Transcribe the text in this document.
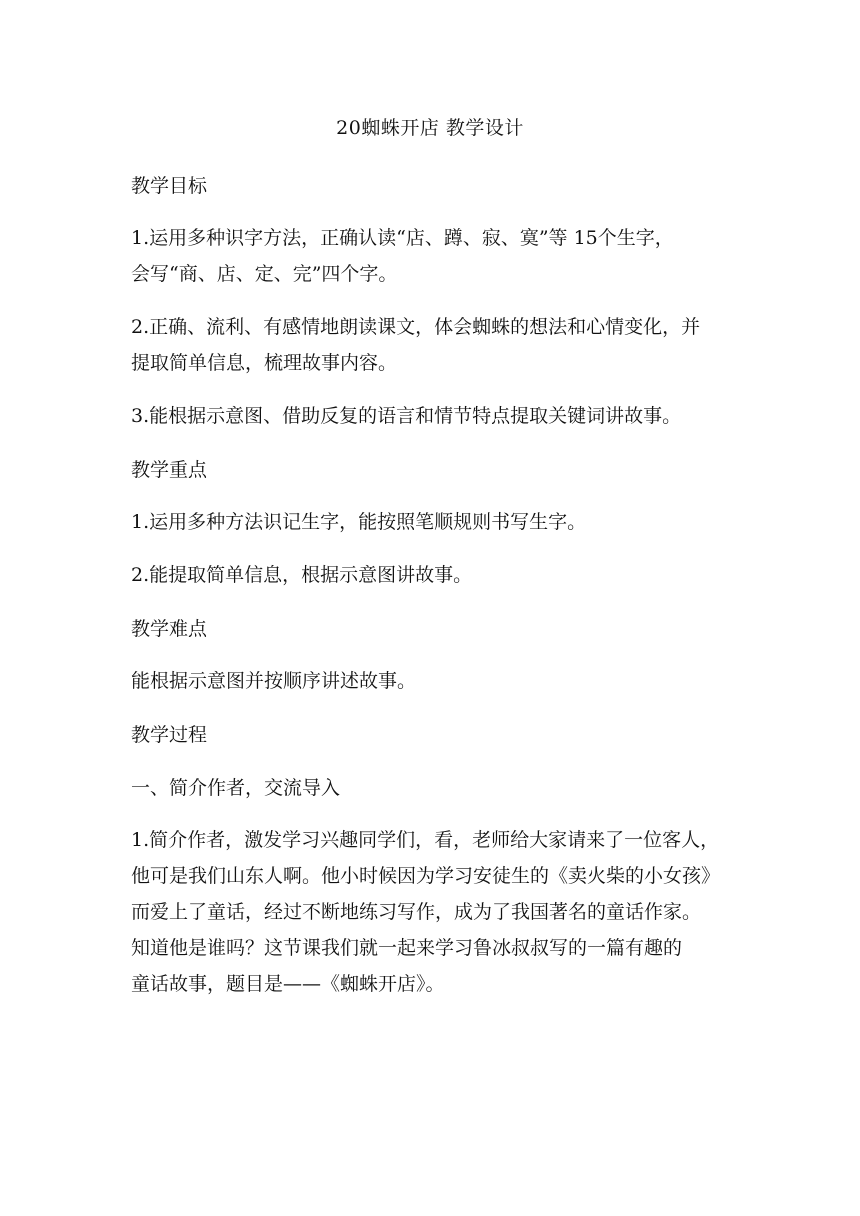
20蜘蛛开店 教学设计
教学目标
1.运用多种识字方法，正确认读“店、蹲、寂、寞”等 15个生字，
会写“商、店、定、完”四个字。
2.正确、流利、有感情地朗读课文，体会蜘蛛的想法和心情变化，并
提取简单信息，梳理故事内容。
3.能根据示意图、借助反复的语言和情节特点提取关键词讲故事。
教学重点
1.运用多种方法识记生字，能按照笔顺规则书写生字。
2.能提取简单信息，根据示意图讲故事。
教学难点
能根据示意图并按顺序讲述故事。
教学过程
一、简介作者，交流导入
1.简介作者，激发学习兴趣同学们，看，老师给大家请来了一位客人，
他可是我们山东人啊。他小时候因为学习安徒生的《卖火柴的小女孩》
而爱上了童话，经过不断地练习写作，成为了我国著名的童话作家。
知道他是谁吗？这节课我们就一起来学习鲁冰叔叔写的一篇有趣的
童话故事，题目是——《蜘蛛开店》。
